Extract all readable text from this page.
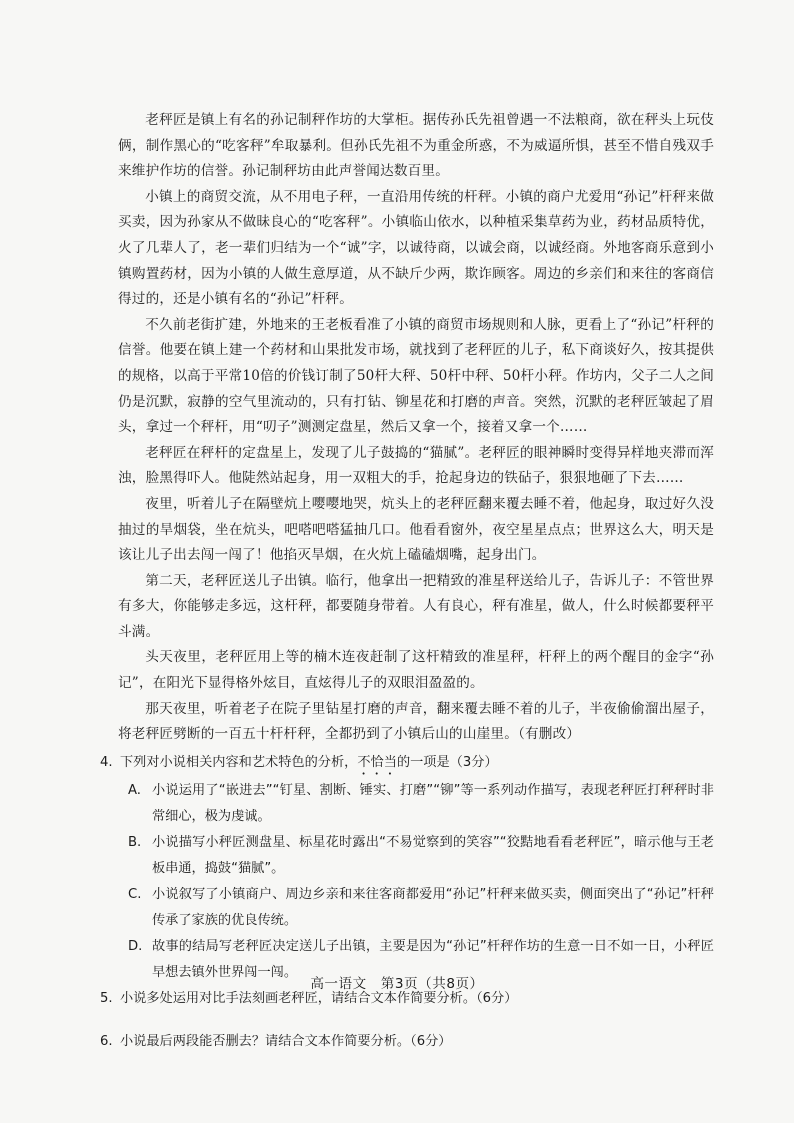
老秤匠是镇上有名的孙记制秤作坊的大掌柜。据传孙氏先祖曾遇一不法粮商，欲在秤头上玩伎俩，制作黑心的“吃客秤”牟取暴利。但孙氏先祖不为重金所惑，不为威逼所惧，甚至不惜自残双手来维护作坊的信誉。孙记制秤坊由此声誉闻达数百里。

小镇上的商贸交流，从不用电子秤，一直沿用传统的杆秤。小镇的商户尤爱用“孙记”杆秤来做买卖，因为孙家从不做昧良心的“吃客秤”。小镇临山依水，以种植采集草药为业，药材品质特优，火了几辈人了，老一辈们归结为一个“诚”字，以诚待商，以诚会商，以诚经商。外地客商乐意到小镇购置药材，因为小镇的人做生意厚道，从不缺斤少两，欺诈顾客。周边的乡亲们和来往的客商信得过的，还是小镇有名的“孙记”杆秤。

不久前老街扩建，外地来的王老板看准了小镇的商贸市场规则和人脉，更看上了“孙记”杆秤的信誉。他要在镇上建一个药材和山果批发市场，就找到了老秤匠的儿子，私下商谈好久，按其提供的规格，以高于平常10倍的价钱订制了50杆大秤、50杆中秤、50杆小秤。作坊内，父子二人之间仍是沉默，寂静的空气里流动的，只有打钻、铆星花和打磨的声音。突然，沉默的老秤匠皱起了眉头，拿过一个秤杆，用“叨子”测测定盘星，然后又拿一个，接着又拿一个……

老秤匠在秤杆的定盘星上，发现了儿子鼓捣的“猫腻”。老秤匠的眼神瞬时变得异样地夹滞而浑浊，脸黑得吓人。他陡然站起身，用一双粗大的手，抢起身边的铁砧子，狠狠地砸了下去……

夜里，听着儿子在隔壁炕上嘤嘤地哭，炕头上的老秤匠翻来覆去睡不着，他起身，取过好久没抽过的旱烟袋，坐在炕头，吧嗒吧嗒猛抽几口。他看看窗外，夜空星星点点；世界这么大，明天是该让儿子出去闯一闯了！他掐灭旱烟，在火炕上磕磕烟嘴，起身出门。

第二天，老秤匠送儿子出镇。临行，他拿出一把精致的准星秤送给儿子，告诉儿子：不管世界有多大，你能够走多远，这杆秤，都要随身带着。人有良心，秤有准星，做人，什么时候都要秤平斗满。

头天夜里，老秤匠用上等的楠木连夜赶制了这杆精致的准星秤，杆秤上的两个醒目的金字“孙记”，在阳光下显得格外炫目，直炫得儿子的双眼泪盈盈的。

那天夜里，听着老子在院子里钻星打磨的声音，翻来覆去睡不着的儿子，半夜偷偷溜出屋子，将老秤匠劈断的一百五十杆杆秤，全都扔到了小镇后山的山崖里。（有删改）

4. 下列对小说相关内容和艺术特色的分析，不恰当的一项是（3分）

A. 小说运用了“嵌进去”“钉星、割断、锤实、打磨”“铆”等一系列动作描写，表现老秤匠打秤秤时非常细心，极为虔诚。

B. 小说描写小秤匠测盘星、标星花时露出“不易觉察到的笑容”“狡黠地看看老秤匠”，暗示他与王老板串通，捣鼓“猫腻”。

C. 小说叙写了小镇商户、周边乡亲和来往客商都爱用“孙记”杆秤来做买卖，侧面突出了“孙记”杆秤传承了家族的优良传统。

D. 故事的结局写老秤匠决定送儿子出镇，主要是因为“孙记”杆秤作坊的生意一日不如一日，小秤匠早想去镇外世界闯一闯。

5. 小说多处运用对比手法刻画老秤匠，请结合文本作简要分析。（6分）

6. 小说最后两段能否删去？请结合文本作简要分析。（6分）

高一语文　第3页（共8页）
